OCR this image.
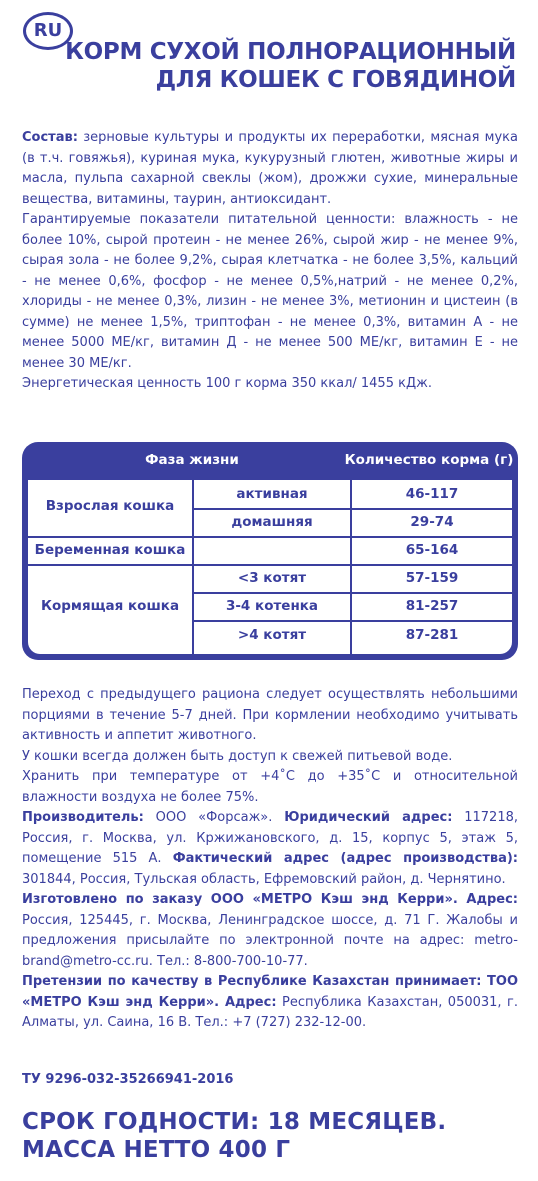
RU
КОРМ СУХОЙ ПОЛНОРАЦИОННЫЙ
ДЛЯ КОШЕК С ГОВЯДИНОЙ

Состав: зерновые культуры и продукты их переработки, мясная мука (в т.ч. говяжья), куриная мука, кукурузный глютен, животные жиры и масла, пульпа сахарной свеклы (жом), дрожжи сухие, минеральные вещества, витамины, таурин, антиоксидант.

Гарантируемые показатели питательной ценности: влажность - не более 10%, сырой протеин - не менее 26%, сырой жир - не менее 9%, сырая зола - не более 9,2%, сырая клетчатка - не более 3,5%, кальций - не менее 0,6%, фосфор - не менее 0,5%,натрий - не менее 0,2%, хлориды - не менее 0,3%, лизин - не менее 3%, метионин и цистеин (в сумме) не менее 1,5%, триптофан - не менее 0,3%, витамин А - не менее 5000 МЕ/кг, витамин Д - не менее 500 МЕ/кг, витамин Е - не менее 30 МЕ/кг.

Энергетическая ценность 100 г корма 350 ккал/ 1455 кДж.

Фаза жизни	Количество корма (г)
Взрослая кошка
активная	46-117
домашняя	29-74
Беременная кошка	65-164
Кормящая кошка
<3 котят	57-159
3-4 котенка	81-257
>4 котят	87-281

Переход с предыдущего рациона следует осуществлять небольшими порциями в течение 5-7 дней. При кормлении необходимо учитывать активность и аппетит животного.

У кошки всегда должен быть доступ к свежей питьевой воде.

Хранить при температуре от +4˚С до +35˚С и относительной влажности воздуха не более 75%.

Производитель: ООО «Форсаж». Юридический адрес: 117218, Россия, г. Москва, ул. Кржижановского, д. 15, корпус 5, этаж 5, помещение 515 А. Фактический адрес (адрес производства): 301844, Россия, Тульская область, Ефремовский район, д. Чернятино.

Изготовлено по заказу ООО «МЕТРО Кэш энд Керри». Адрес: Россия, 125445, г. Москва, Ленинградское шоссе, д. 71 Г. Жалобы и предложения присылайте по электронной почте на адрес: metro-brand@metro-cc.ru. Тел.: 8-800-700-10-77.

Претензии по качеству в Республике Казахстан принимает: ТОО «МЕТРО Кэш энд Керри». Адрес: Республика Казахстан, 050031, г. Алматы, ул. Саина, 16 В. Тел.: +7 (727) 232-12-00.

ТУ 9296-032-35266941-2016
СРОК ГОДНОСТИ: 18 МЕСЯЦЕВ.
МАССА НЕТТО 400 Г
